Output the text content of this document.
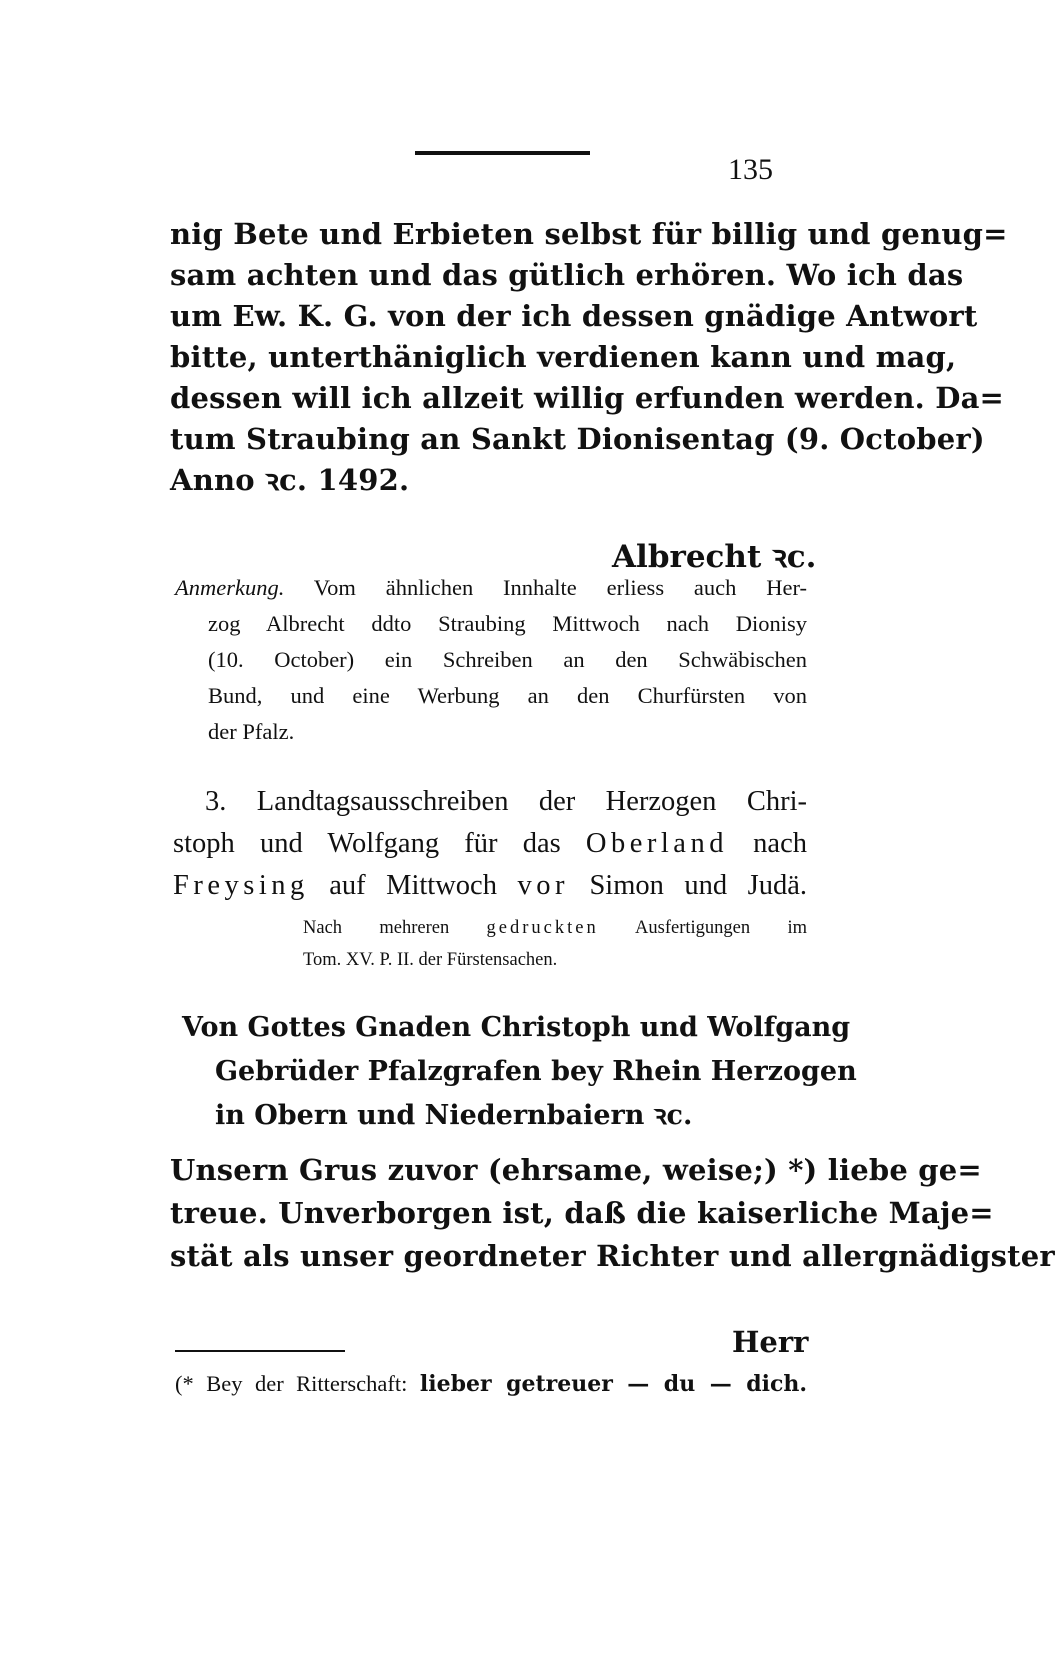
135
nig Bete und Erbieten selbst für billig und genug=
sam achten und das gütlich erhören. Wo ich das
um Ew. K. G. von der ich dessen gnädige Antwort
bitte, unterthäniglich verdienen kann und mag,
dessen will ich allzeit willig erfunden werden. Da=
tum Straubing an Sankt Dionisentag (9. October)
Anno ꝛc. 1492.
Albrecht ꝛc.
Anmerkung. Vom ähnlichen Innhalte erliess auch Her-
zog Albrecht ddto Straubing Mittwoch nach Dionisy
(10. October) ein Schreiben an den Schwäbischen
Bund, und eine Werbung an den Churfürsten von
der Pfalz.
3. Landtagsausschreiben der Herzogen Chri-
stoph und Wolfgang für das Oberland nach
Freysing auf Mittwoch vor Simon und Judä.
Nach mehreren gedruckten Ausfertigungen im
Tom. XV. P. II. der Fürstensachen.
Von Gottes Gnaden Christoph und Wolfgang
Gebrüder Pfalzgrafen bey Rhein Herzogen
in Obern und Niedernbaiern ꝛc.
Unsern Grus zuvor (ehrsame, weise;) *) liebe ge=
treue. Unverborgen ist, daß die kaiserliche Maje=
stät als unser geordneter Richter und allergnädigster
Herr
(* Bey der Ritterschaft: lieber getreuer — du — dich.
